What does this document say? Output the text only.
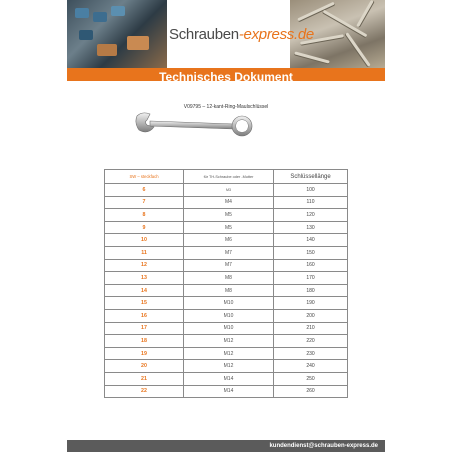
Schrauben-express.de
Technisches Dokument
V09795 – 12-kant-Ring-Maulschlüssel
SW – steckfach	für TH-Schraube oder -Mutter	Schlüssellänge
6	M3	100
7	M4	110
8	M5	120
9	M5	130
10	M6	140
11	M7	150
12	M7	160
13	M8	170
14	M8	180
15	M10	190
16	M10	200
17	M10	210
18	M12	220
19	M12	230
20	M12	240
21	M14	250
22	M14	260
kundendienst@schrauben-express.de
